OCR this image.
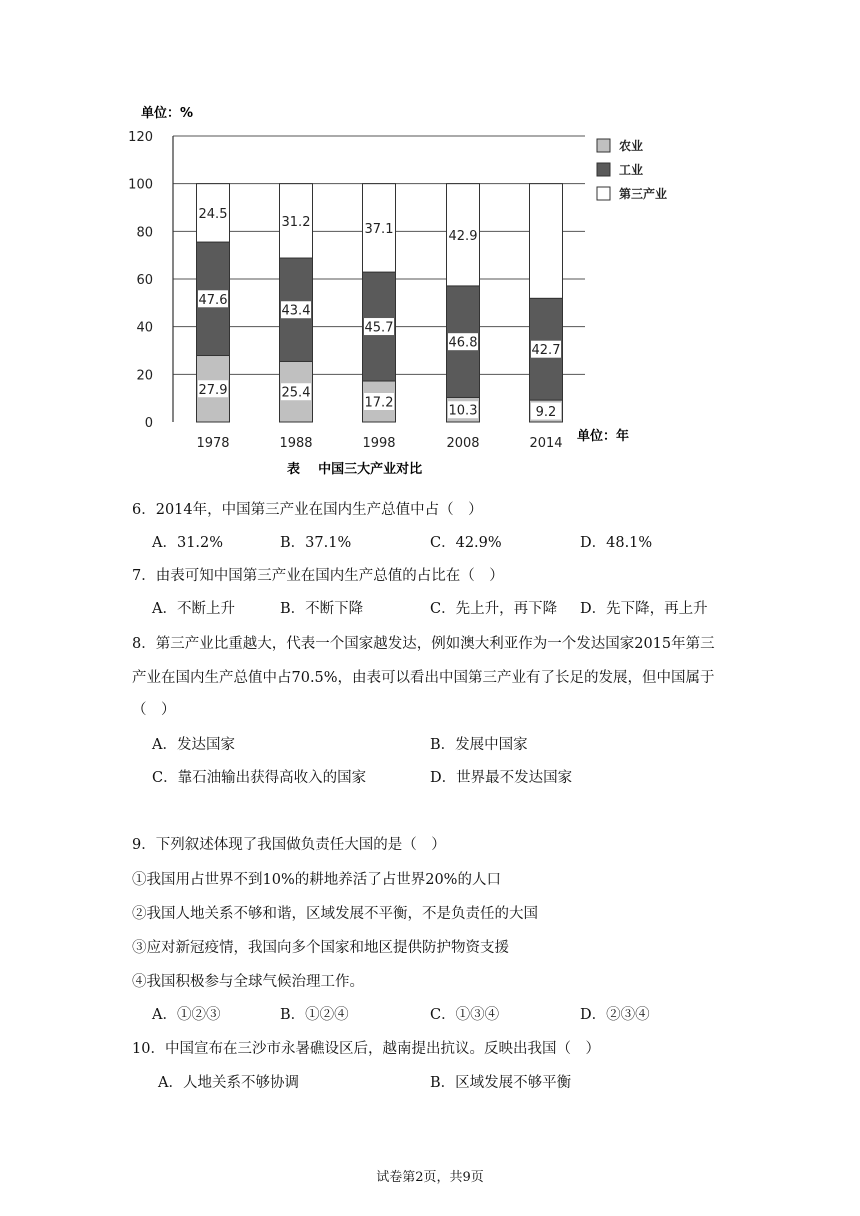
0
20
40
60
80
100
120
27.9
47.6
24.5
25.4
43.4
31.2
17.2
45.7
37.1
10.3
46.8
42.9
9.2
42.7
1978	1988	1998	2008	2014
农业
工业
第三产业
单位：%
单位：年
表    中国三大产业对比
6．2014年，中国第三产业在国内生产总值中占（　）
A．31.2%	B．37.1%	C．42.9%	D．48.1%
7．由表可知中国第三产业在国内生产总值的占比在（　）
A．不断上升	B．不断下降	C．先上升，再下降 D．先下降，再上升
8．第三产业比重越大，代表一个国家越发达，例如澳大利亚作为一个发达国家2015年第三
产业在国内生产总值中占70.5%，由表可以看出中国第三产业有了长足的发展，但中国属于
（　）
A．发达国家	B．发展中国家
C．靠石油输出获得高收入的国家	D．世界最不发达国家
9．下列叙述体现了我国做负责任大国的是（　）
①我国用占世界不到10%的耕地养活了占世界20%的人口
②我国人地关系不够和谐，区域发展不平衡，不是负责任的大国
③应对新冠疫情，我国向多个国家和地区提供防护物资支援
④我国积极参与全球气候治理工作。
A．①②③	B．①②④	C．①③④	D．②③④
10．中国宣布在三沙市永暑礁设区后，越南提出抗议。反映出我国（　）
A．人地关系不够协调	B．区域发展不够平衡
试卷第2页，共9页
